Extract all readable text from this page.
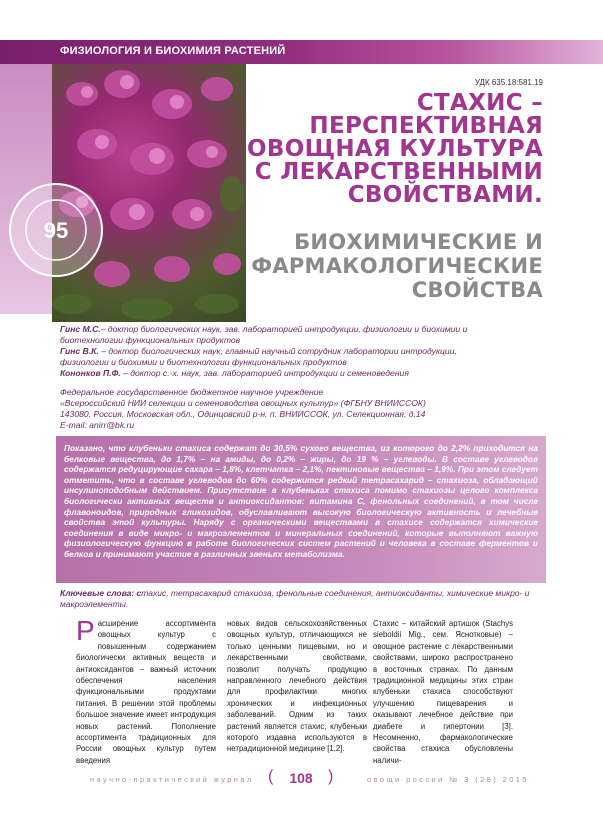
ФИЗИОЛОГИЯ И БИОХИМИЯ РАСТЕНИЙ
95
УДК 635.18:581.19
СТАХИС – ПЕРСПЕКТИВНАЯ ОВОЩНАЯ КУЛЬТУРА С ЛЕКАРСТВЕННЫМИ СВОЙСТВАМИ.
БИОХИМИЧЕСКИЕ И ФАРМАКОЛОГИЧЕСКИЕ СВОЙСТВА
Гинс М.С.– доктор биологических наук, зав. лабораторией интродукции, физиологии и биохимии и биотехнологии функциональных продуктов
Гинс В.К. – доктор биологических наук, главный научный сотрудник лаборатории интродукции, физиологии и биохимии и биотехнологии функциональных продуктов
Кононков П.Ф. – доктор с.-х. наук, зав. лабораторией интродукции и семеноведения
Федеральное государственное бюджетное научное учреждение
«Всероссийский НИИ селекции и семеноводства овощных культур» (ФГБНУ ВНИИССОК)
143080, Россия, Московская обл., Одинцовский р-н, п. ВНИИССОК, ул. Селекционная, д.14
E-mail: anirr@bk.ru

Показано, что клубеньки стахиса содержат до 30,5% сухого вещества, из которого до 2,2% приходится на белковые вещества, до 1,7% – на амиды, до 0,2% – жиры, до 19 % – углеводы. В составе углеводов содержатся редуцирующие сахара – 1,8%, клетчатка – 2,1%, пектиновые вещества – 1,9%. При этом следует отметить, что в составе углеводов до 60% содержится редкий тетрасахарид – стахиоза, обладающий инсулиноподобным действием. Присутствие в клубеньках стахиса помимо стахиозы целого комплекса биологически активных веществ и антиоксидантов: витамина С, фенольных соединений, в том числе флавоноидов, природных гликозидов, обуславливают высокую биологическую активность и лечебные свойства этой культуры. Наряду с органическими веществами в стахисе содержатся химические соединения в виде микро- и макроэлементов и минеральных соединений, которые выполняют важную физиологическую функцию в работе биологических систем растений и человека в составе ферментов и белков и принимают участие в различных звеньях метаболизма.

Ключевые слова: стахис, тетрасахарид стахиоза, фенольные соединения, антиоксиданты, химические микро- и макроэлементы.
Расширение ассортимента овощных культур с повышенным содержанием биологически активных веществ и антиоксидантов – важный источник обеспечения населения функциональными продуктами питания. В решении этой проблемы большое значение имеет интродукция новых растений. Пополнение ассортимента традиционных для России овощных культур путем введения
новых видов сельскохозяйственных овощных культур, отличающихся не только ценными пищевыми, но и лекарственными свойствами, позволит получать продукцию направленного лечебного действия для профилактики многих хронических и инфекционных заболеваний. Одним из таких растений является стахис, клубеньки которого издавна используются в нетрадиционной медицине [1,2].
Стахис – китайский артишок (Stachys sieboldii Mig., сем. Яснотковые) – овощное растение с лекарственными свойствами, широко распространено в восточных странах. По данным традиционной медицины этих стран клубеньки стахиса способствуют улучшению пищеварения и оказывают лечебное действие при диабете и гипертонии [3]. Несомненно, фармакологические свойства стахиса обусловлены наличи-
научно-практический журнал (	108 )	овощи россии № 3 (28) 2015
